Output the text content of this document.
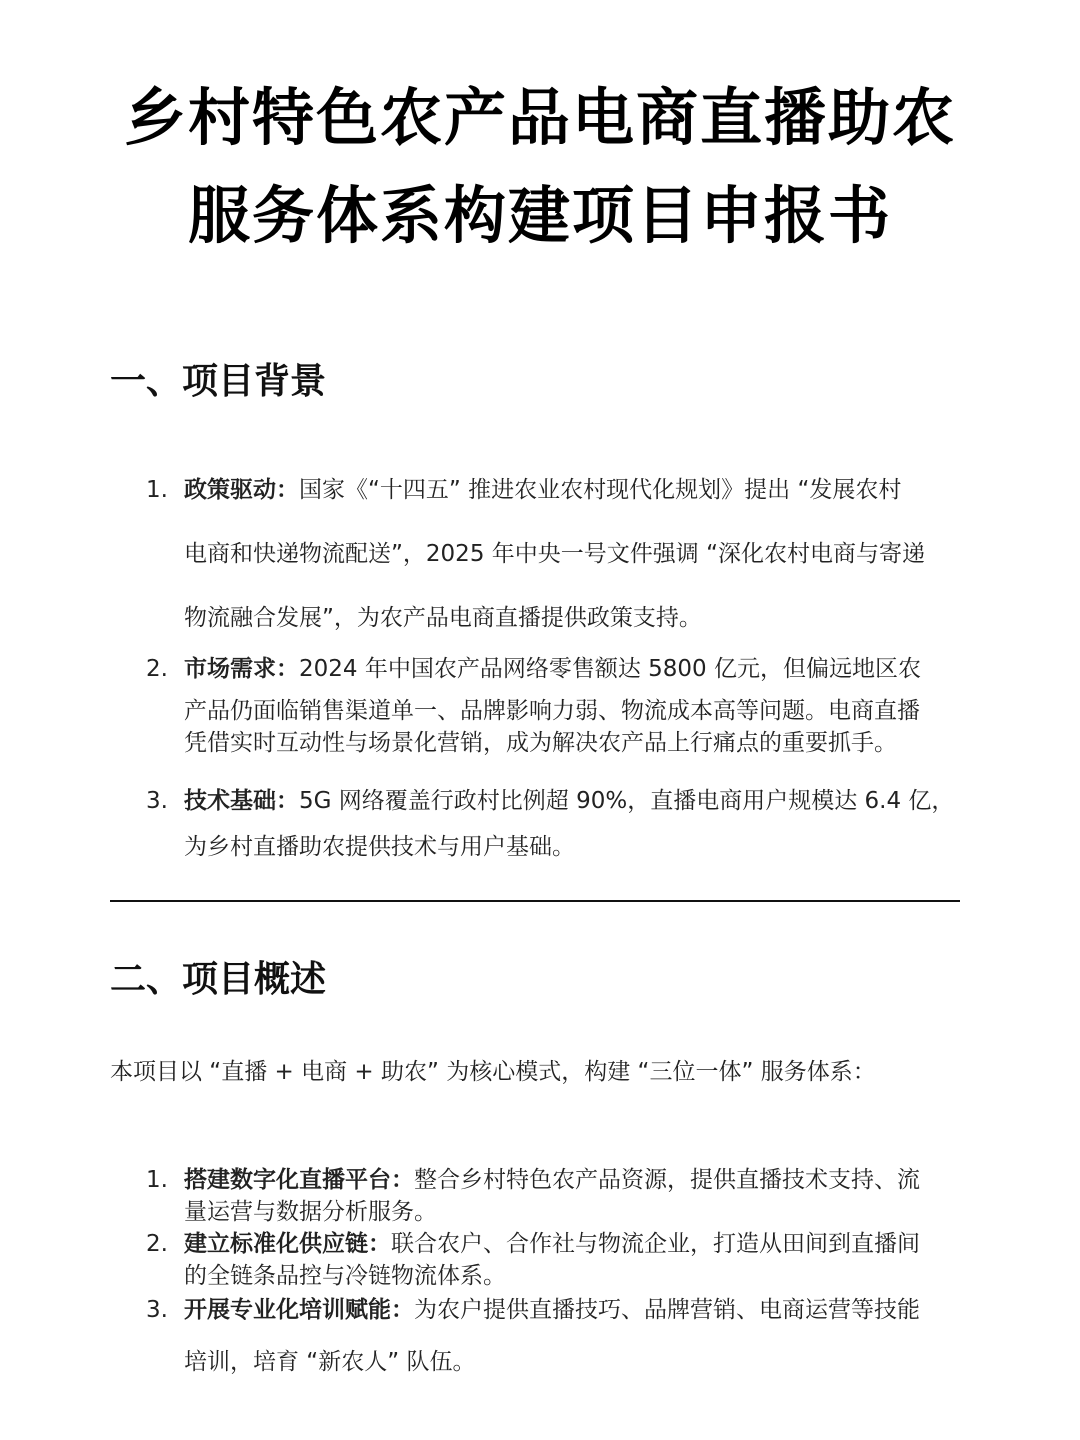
乡村特色农产品电商直播助农
服务体系构建项目申报书
一、项目背景
1. 政策驱动：国家《“十四五” 推进农业农村现代化规划》提出 “发展农村
电商和快递物流配送”，2025 年中央一号文件强调 “深化农村电商与寄递
物流融合发展”，为农产品电商直播提供政策支持。
2. 市场需求：2024 年中国农产品网络零售额达 5800 亿元，但偏远地区农
产品仍面临销售渠道单一、品牌影响力弱、物流成本高等问题。电商直播
凭借实时互动性与场景化营销，成为解决农产品上行痛点的重要抓手。
3. 技术基础：5G 网络覆盖行政村比例超 90%，直播电商用户规模达 6.4 亿，
为乡村直播助农提供技术与用户基础。
二、项目概述
本项目以 “直播 + 电商 + 助农” 为核心模式，构建 “三位一体” 服务体系：
1. 搭建数字化直播平台：整合乡村特色农产品资源，提供直播技术支持、流
量运营与数据分析服务。
2. 建立标准化供应链：联合农户、合作社与物流企业，打造从田间到直播间
的全链条品控与冷链物流体系。
3. 开展专业化培训赋能：为农户提供直播技巧、品牌营销、电商运营等技能
培训，培育 “新农人” 队伍。
